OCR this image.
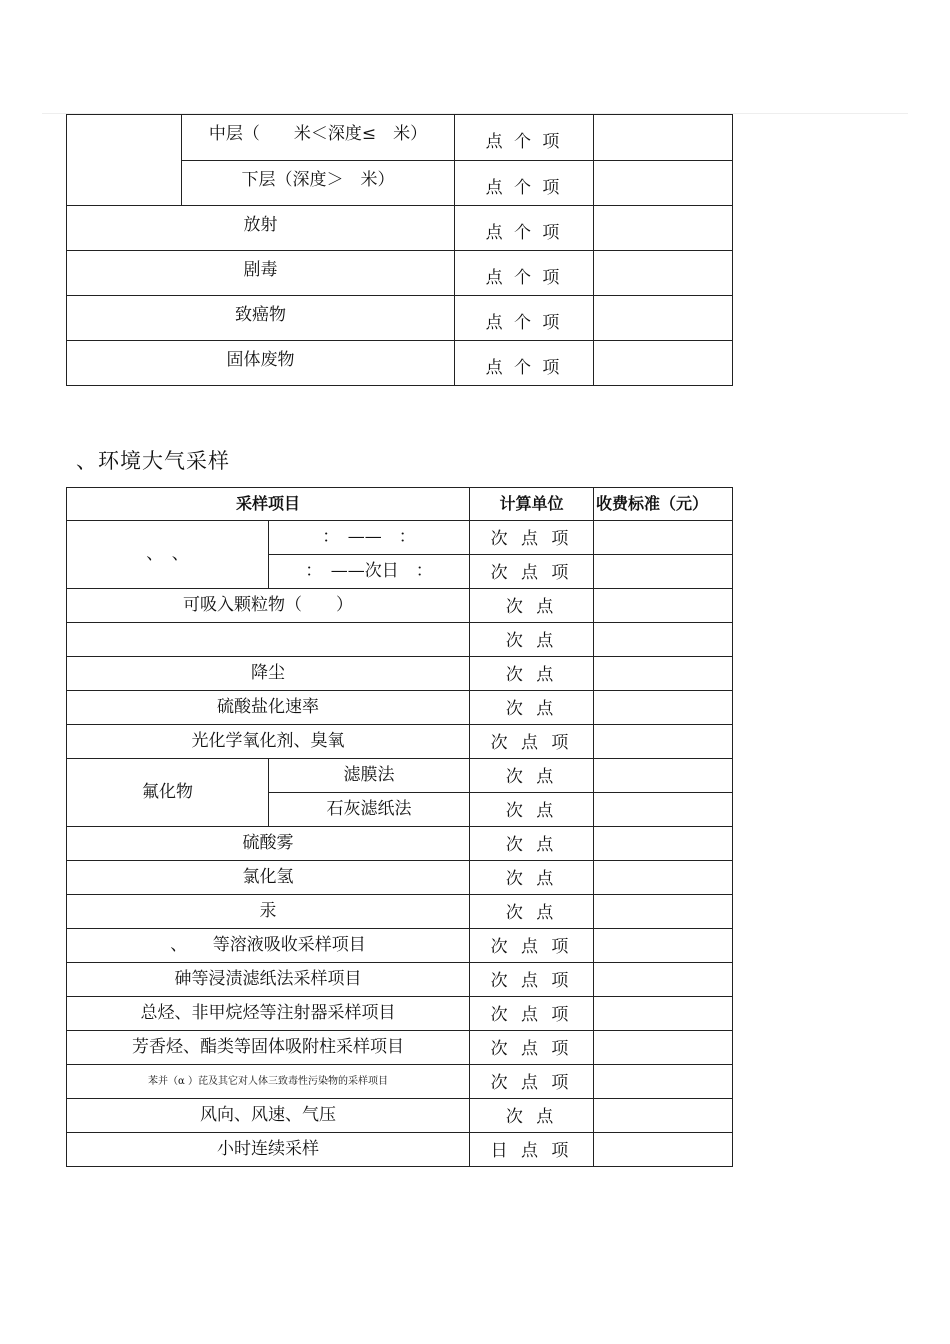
	中层（　　米＜深度≤　米）	点 个 项	
	下层（深度＞　米）	点 个 项	
放射		点 个 项	
剧毒		点 个 项	
致癌物		点 个 项	
固体废物		点 个 项	
、环境大气采样
采样项目		计算单位	收费标准（元）
、　、	：　——　：	次 点 项	
	：　——次日　：	次 点 项	
可吸入颗粒物（　　）		次 点	
		次 点	
降尘		次 点	
硫酸盐化速率		次 点	
光化学氧化剂、臭氧		次 点 项	
氟化物	滤膜法	次 点	
	石灰滤纸法	次 点	
硫酸雾		次 点	
氯化氢		次 点	
汞		次 点	
、　　等溶液吸收采样项目		次 点 项	
砷等浸渍滤纸法采样项目		次 点 项	
总烃、非甲烷烃等注射器采样项目		次 点 项	
芳香烃、酯类等固体吸附柱采样项目		次 点 项	
苯并（α ）芘及其它对人体三致毒性污染物的采样项目		次 点 项	
风向、风速、气压		次 点	
小时连续采样		日 点 项	
